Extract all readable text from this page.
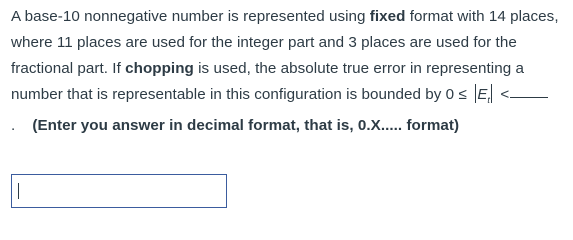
A base-10 nonnegative number is represented using fixed format with 14 places, where 11 places are used for the integer part and 3 places are used for the fractional part. If chopping is used, the absolute true error in representing a number that is representable in this configuration is bounded by $0 \le E_t$ <.    (Enter you answer in decimal format, that is, 0.X..... format)
